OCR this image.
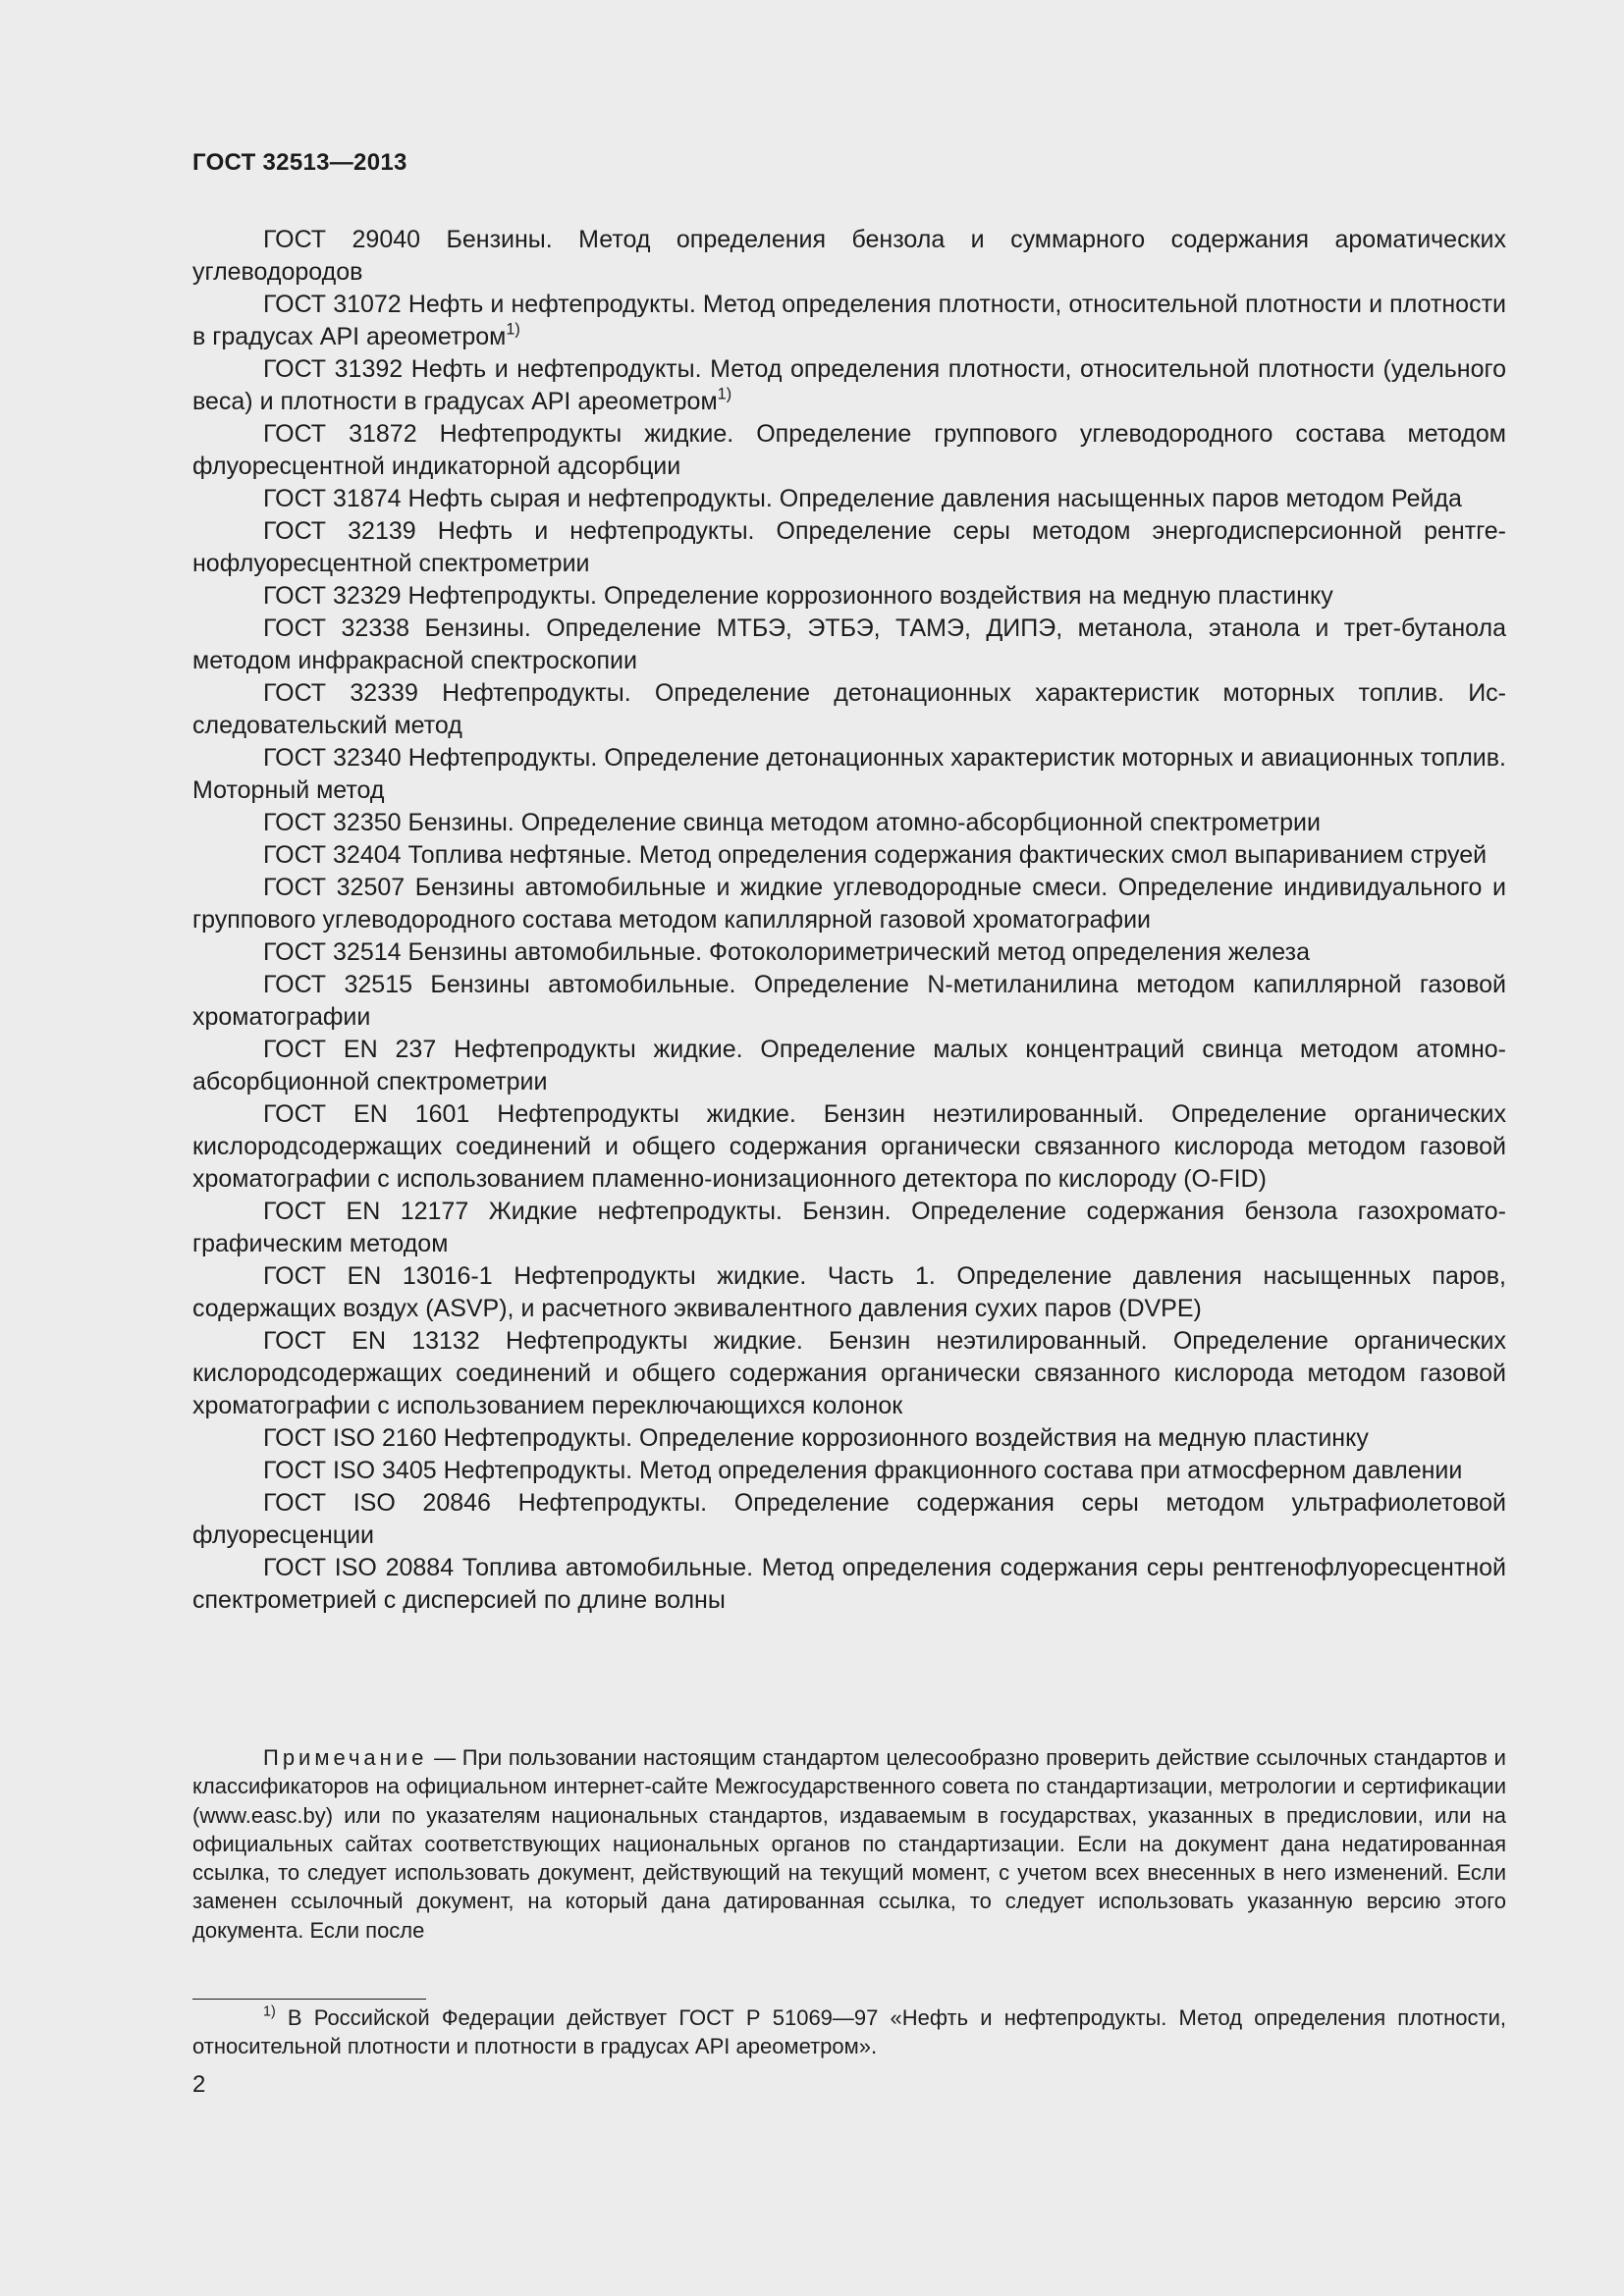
ГОСТ 32513—2013

ГОСТ 29040 Бензины. Метод определения бензола и суммарного содержания ароматических углеводородов

ГОСТ 31072 Нефть и нефтепродукты. Метод определения плотности, относительной плотности и плотности в градусах API ареометром$^{1)}$

ГОСТ 31392 Нефть и нефтепродукты. Метод определения плотности, относительной плотности (удельного веса) и плотности в градусах API ареометром$^{1)}$

ГОСТ 31872 Нефтепродукты жидкие. Определение группового углеводородного состава методом флуоресцентной индикаторной адсорбции

ГОСТ 31874 Нефть сырая и нефтепродукты. Определение давления насыщенных паров методом Рейда

ГОСТ 32139 Нефть и нефтепродукты. Определение серы методом энергодисперсионной рентгенофлуоресцентной спектрометрии

ГОСТ 32329 Нефтепродукты. Определение коррозионного воздействия на медную пластинку

ГОСТ 32338 Бензины. Определение МТБЭ, ЭТБЭ, ТАМЭ, ДИПЭ, метанола, этанола и трет-бутанола методом инфракрасной спектроскопии

ГОСТ 32339 Нефтепродукты. Определение детонационных характеристик моторных топлив. Исследовательский метод

ГОСТ 32340 Нефтепродукты. Определение детонационных характеристик моторных и авиационных топлив. Моторный метод

ГОСТ 32350 Бензины. Определение свинца методом атомно-абсорбционной спектрометрии

ГОСТ 32404 Топлива нефтяные. Метод определения содержания фактических смол выпариванием струей

ГОСТ 32507 Бензины автомобильные и жидкие углеводородные смеси. Определение индивидуального и группового углеводородного состава методом капиллярной газовой хроматографии

ГОСТ 32514 Бензины автомобильные. Фотоколориметрический метод определения железа

ГОСТ 32515 Бензины автомобильные. Определение N-метиланилина методом капиллярной газовой хроматографии

ГОСТ EN 237 Нефтепродукты жидкие. Определение малых концентраций свинца методом атомно-абсорбционной спектрометрии

ГОСТ EN 1601 Нефтепродукты жидкие. Бензин неэтилированный. Определение органических кислородсодержащих соединений и общего содержания органически связанного кислорода методом газовой хроматографии с использованием пламенно-ионизационного детектора по кислороду (O-FID)

ГОСТ EN 12177 Жидкие нефтепродукты. Бензин. Определение содержания бензола газохроматографическим методом

ГОСТ EN 13016-1 Нефтепродукты жидкие. Часть 1. Определение давления насыщенных паров, содержащих воздух (ASVP), и расчетного эквивалентного давления сухих паров (DVPE)

ГОСТ EN 13132 Нефтепродукты жидкие. Бензин неэтилированный. Определение органических кислородсодержащих соединений и общего содержания органически связанного кислорода методом газовой хроматографии с использованием переключающихся колонок

ГОСТ ISO 2160 Нефтепродукты. Определение коррозионного воздействия на медную пластинку

ГОСТ ISO 3405 Нефтепродукты. Метод определения фракционного состава при атмосферном давлении

ГОСТ ISO 20846 Нефтепродукты. Определение содержания серы методом ультрафиолетовой флуоресценции

ГОСТ ISO 20884 Топлива автомобильные. Метод определения содержания серы рентгенофлуоресцентной спектрометрией с дисперсией по длине волны

Примечание — При пользовании настоящим стандартом целесообразно проверить действие ссылочных стандартов и классификаторов на официальном интернет-сайте Межгосударственного совета по стандартизации, метрологии и сертификации (www.easc.by) или по указателям национальных стандартов, издаваемым в государствах, указанных в предисловии, или на официальных сайтах соответствующих национальных органов по стандартизации. Если на документ дана недатированная ссылка, то следует использовать документ, действующий на текущий момент, с учетом всех внесенных в него изменений. Если заменен ссылочный документ, на который дана датированная ссылка, то следует использовать указанную версию этого документа. Если после

$^{1)}$ В Российской Федерации действует ГОСТ Р 51069—97 «Нефть и нефтепродукты. Метод определения плотности, относительной плотности и плотности в градусах API ареометром».

2
